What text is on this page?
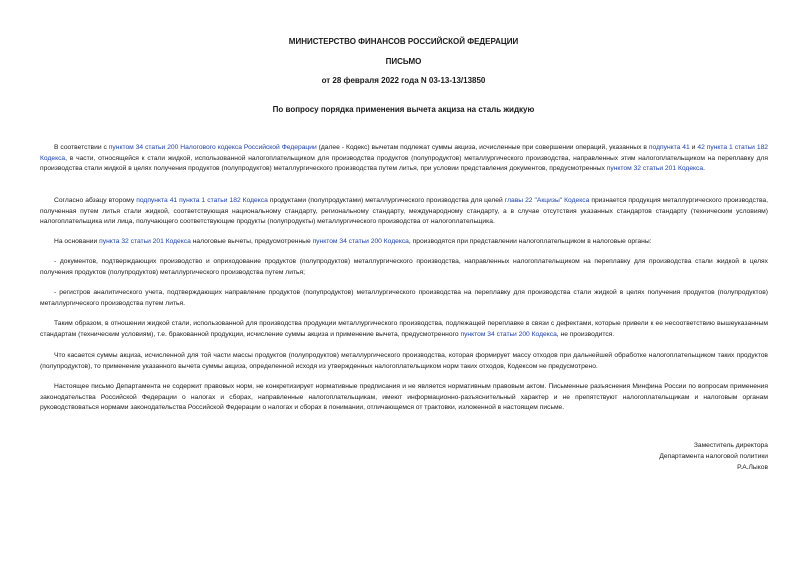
МИНИСТЕРСТВО ФИНАНСОВ РОССИЙСКОЙ ФЕДЕРАЦИИ
ПИСЬМО
от 28 февраля 2022 года N 03-13-13/13850
По вопросу порядка применения вычета акциза на сталь жидкую

В соответствии с пунктом 34 статьи 200 Налогового кодекса Российской Федерации (далее - Кодекс) вычетам подлежат суммы акциза, исчисленные при совершении операций, указанных в подпункта 41 и 42 пункта 1 статьи 182 Кодекса, в части, относящейся к стали жидкой, использованной налогоплательщиком для производства продуктов (полупродуктов) металлургического производства, направленных этим налогоплательщиком на переплавку для производства стали жидкой в целях получения продуктов (полупродуктов) металлургического производства путем литья, при условии представления документов, предусмотренных пунктом 32 статьи 201 Кодекса.

Согласно абзацу второму подпункта 41 пункта 1 статьи 182 Кодекса продуктами (полупродуктами) металлургического производства для целей главы 22 "Акцизы" Кодекса признается продукция металлургического производства, полученная путем литья стали жидкой, соответствующая национальному стандарту, региональному стандарту, международному стандарту, а в случае отсутствия указанных стандартов стандарту (техническим условиям) налогоплательщика или лица, получающего соответствующие продукты (полупродукты) металлургического производства от налогоплательщика.

На основании пункта 32 статьи 201 Кодекса налоговые вычеты, предусмотренные пунктом 34 статьи 200 Кодекса, производятся при представлении налогоплательщиком в налоговые органы:

- документов, подтверждающих производство и оприходование продуктов (полупродуктов) металлургического производства, направленных налогоплательщиком на переплавку для производства стали жидкой в целях получения продуктов (полупродуктов) металлургического производства путем литья;

- регистров аналитического учета, подтверждающих направление продуктов (полупродуктов) металлургического производства на переплавку для производства стали жидкой в целях получения продуктов (полупродуктов) металлургического производства путем литья.

Таким образом, в отношении жидкой стали, использованной для производства продукции металлургического производства, подлежащей переплавке в связи с дефектами, которые привели к ее несоответствию вышеуказанным стандартам (техническим условиям), т.е. бракованной продукции, исчисление суммы акциза и применение вычета, предусмотренного пунктом 34 статьи 200 Кодекса, не производится.

Что касается суммы акциза, исчисленной для той части массы продуктов (полупродуктов) металлургического производства, которая формирует массу отходов при дальнейшей обработке налогоплательщиком таких продуктов (полупродуктов), то применение указанного вычета суммы акциза, определенной исходя из утвержденных налогоплательщиком норм таких отходов, Кодексом не предусмотрено.

Настоящее письмо Департамента не содержит правовых норм, не конкретизирует нормативные предписания и не является нормативным правовым актом. Письменные разъяснения Минфина России по вопросам применения законодательства Российской Федерации о налогах и сборах, направленные налогоплательщикам, имеют информационно-разъяснительный характер и не препятствуют налогоплательщикам и налоговым органам руководствоваться нормами законодательства Российской Федерации о налогах и сборах в понимании, отличающемся от трактовки, изложенной в настоящем письме.

Заместитель директора
Департамента налоговой политики
Р.А.Лыков
